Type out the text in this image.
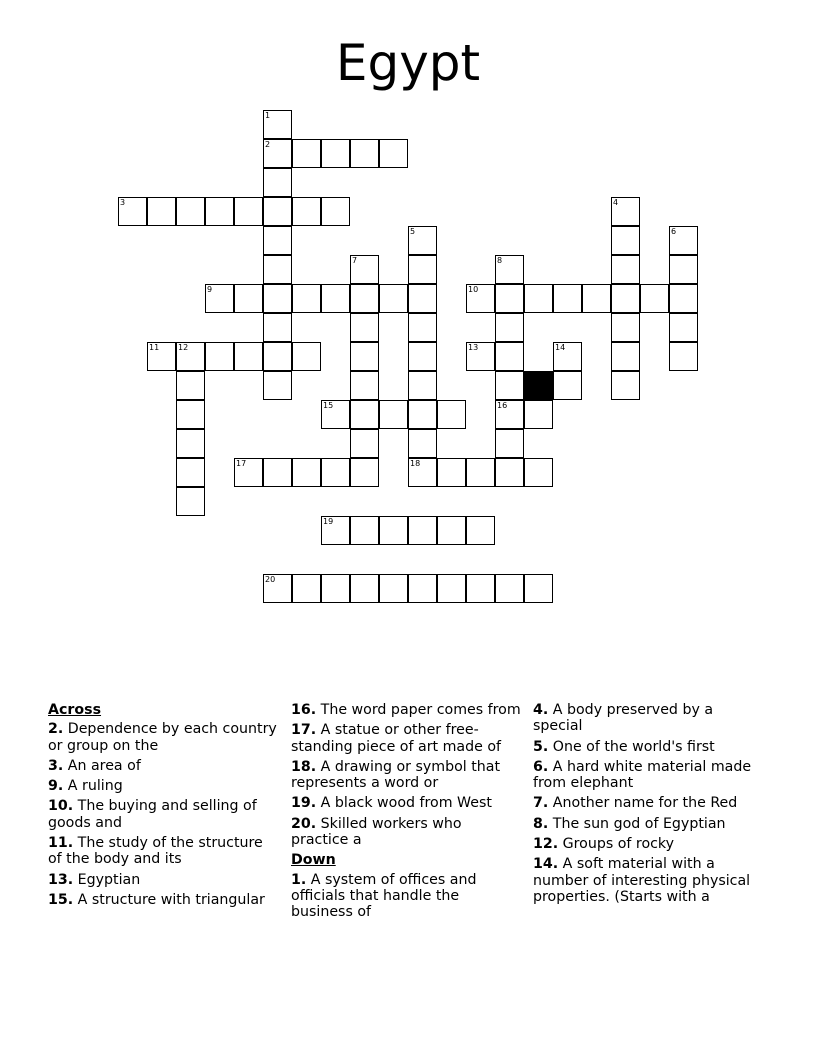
Egypt
1
2
3	4
5
18
6
7	8
16
9	10
11 12	13	14
15
17
19
20
Across
2. Dependence by each country or group on the
3. An area of
9. A ruling
10. The buying and selling of goods and
11. The study of the structure of the body and its
13. Egyptian
15. A structure with triangular
16. The word paper comes from
17. A statue or other free-standing piece of art made of
18. A drawing or symbol that represents a word or
19. A black wood from West
20. Skilled workers who practice a
Down
1. A system of offices and officials that handle the business of
4. A body preserved by a special
5. One of the world's first
6. A hard white material made from elephant
7. Another name for the Red
8. The sun god of Egyptian
12. Groups of rocky
14. A soft material with a number of interesting physical properties. (Starts with a
